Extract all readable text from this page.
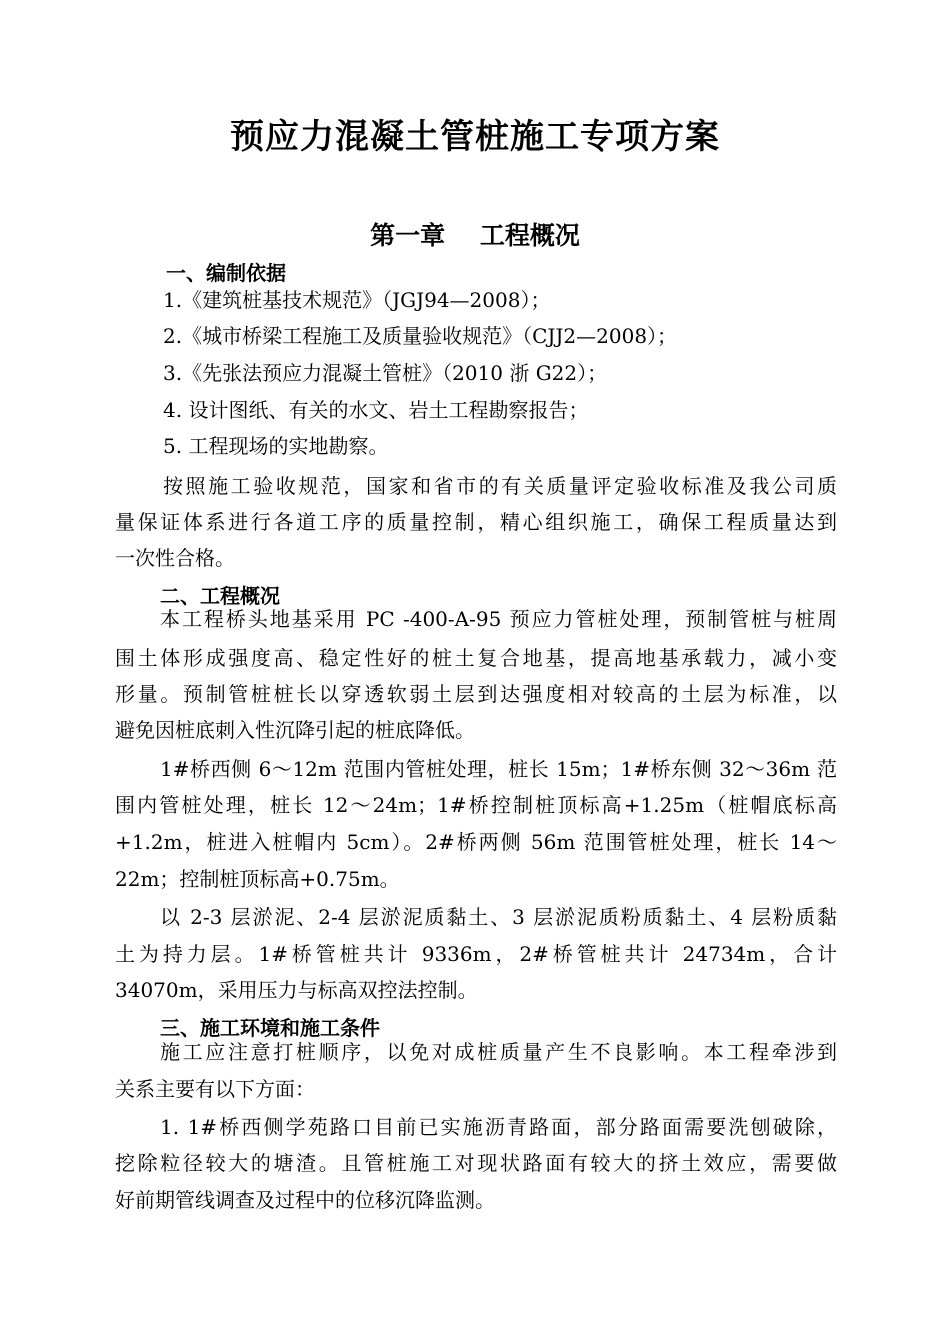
预应力混凝土管桩施工专项方案
第一章    工程概况
一、编制依据
1.《建筑桩基技术规范》（JGJ94—2008）；
2.《城市桥梁工程施工及质量验收规范》（CJJ2—2008）；
3.《先张法预应力混凝土管桩》（2010 浙 G22）；
4. 设计图纸、有关的水文、岩土工程勘察报告；
5. 工程现场的实地勘察。
按照施工验收规范，国家和省市的有关质量评定验收标准及我公司质
量保证体系进行各道工序的质量控制，精心组织施工，确保工程质量达到
一次性合格。
二、工程概况
本工程桥头地基采用 PC -400-A-95 预应力管桩处理，预制管桩与桩周
围土体形成强度高、稳定性好的桩土复合地基，提高地基承载力，减小变
形量。预制管桩桩长以穿透软弱土层到达强度相对较高的土层为标准，以
避免因桩底刺入性沉降引起的桩底降低。
1#桥西侧 6～12m 范围内管桩处理，桩长 15m；1#桥东侧 32～36m 范
围内管桩处理，桩长 12～24m；1#桥控制桩顶标高+1.25m（桩帽底标高
+1.2m，桩进入桩帽内 5cm）。2#桥两侧 56m 范围管桩处理，桩长 14～
22m；控制桩顶标高+0.75m。
以 2-3 层淤泥、2-4 层淤泥质黏土、3 层淤泥质粉质黏土、4 层粉质黏
土为持力层。1#桥管桩共计 9336m，2#桥管桩共计 24734m，合计
34070m，采用压力与标高双控法控制。
三、施工环境和施工条件
施工应注意打桩顺序，以免对成桩质量产生不良影响。本工程牵涉到
关系主要有以下方面：
1. 1#桥西侧学苑路口目前已实施沥青路面，部分路面需要洗刨破除，
挖除粒径较大的塘渣。且管桩施工对现状路面有较大的挤土效应，需要做
好前期管线调查及过程中的位移沉降监测。
